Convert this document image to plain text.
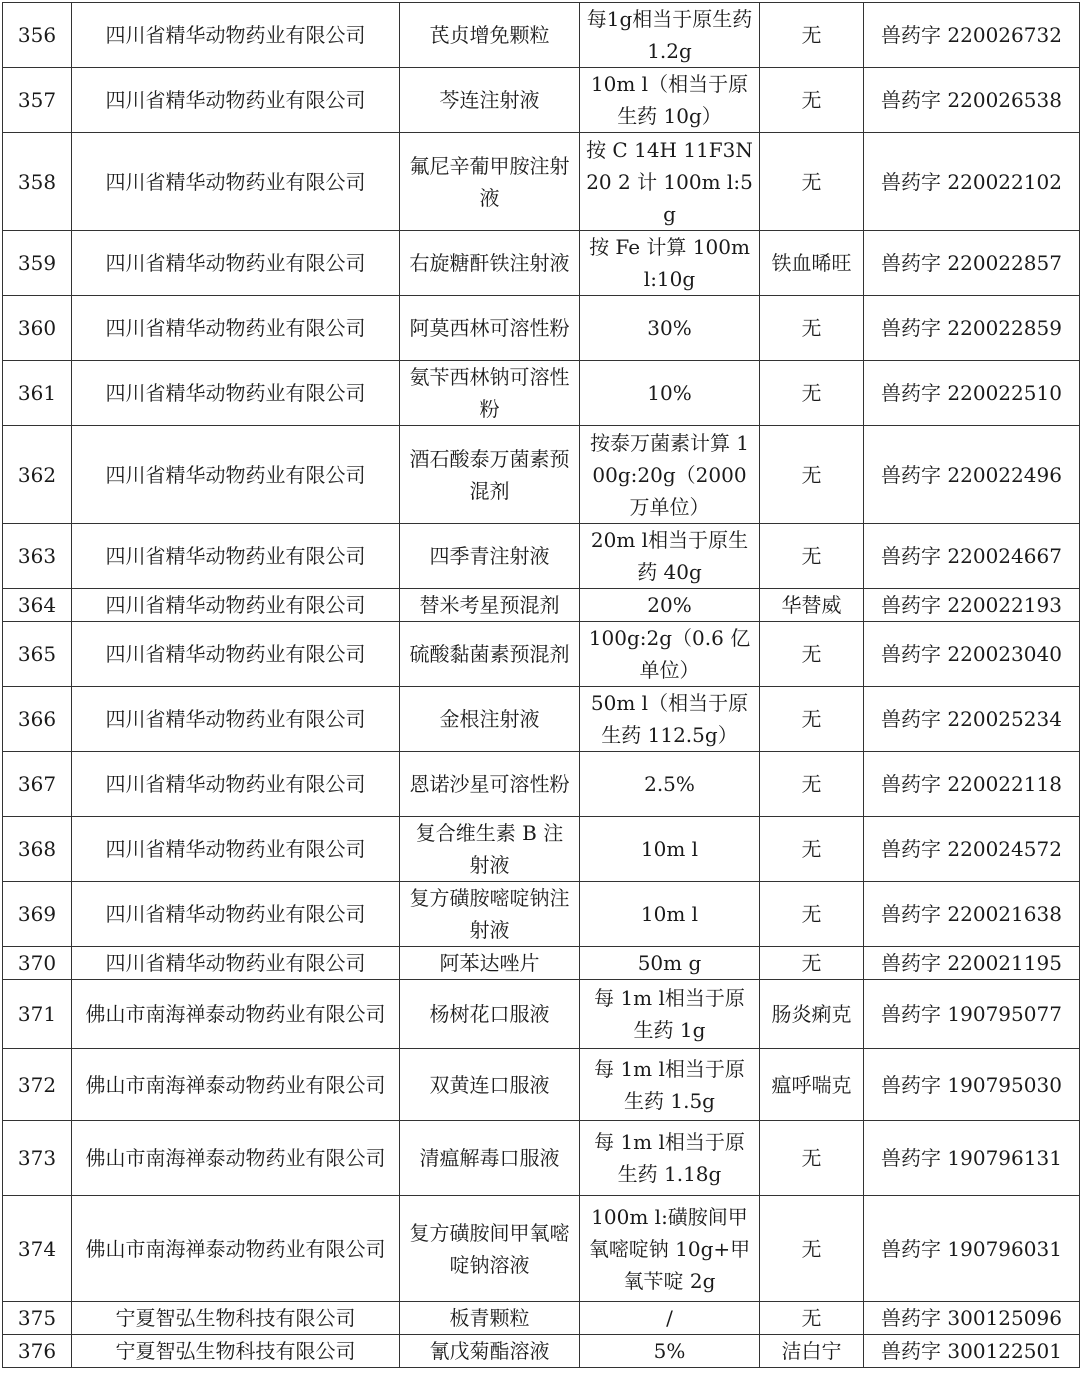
356	四川省精华动物药业有限公司	芪贞增免颗粒	每1g相当于原生药 1.2g	无	兽药字 220026732
357	四川省精华动物药业有限公司	芩连注射液	10m l（相当于原生药 10g）	无	兽药字 220026538
358	四川省精华动物药业有限公司	氟尼辛葡甲胺注射液	按 C 14H 11F3N 20 2 计 100m l:5g	无	兽药字 220022102
359	四川省精华动物药业有限公司	右旋糖酐铁注射液	按 Fe 计算 100m l:10g	铁血晞旺	兽药字 220022857
360	四川省精华动物药业有限公司	阿莫西林可溶性粉	30%	无	兽药字 220022859
361	四川省精华动物药业有限公司	氨苄西林钠可溶性粉	10%	无	兽药字 220022510
362	四川省精华动物药业有限公司	酒石酸泰万菌素预混剂	按泰万菌素计算 100g:20g（2000 万单位）	无	兽药字 220022496
363	四川省精华动物药业有限公司	四季青注射液	20m l相当于原生药 40g	无	兽药字 220024667
364	四川省精华动物药业有限公司	替米考星预混剂	20%	华替威	兽药字 220022193
365	四川省精华动物药业有限公司	硫酸黏菌素预混剂	100g:2g（0.6 亿单位）	无	兽药字 220023040
366	四川省精华动物药业有限公司	金根注射液	50m l（相当于原生药 112.5g）	无	兽药字 220025234
367	四川省精华动物药业有限公司	恩诺沙星可溶性粉	2.5%	无	兽药字 220022118
368	四川省精华动物药业有限公司	复合维生素 B 注射液	10m l	无	兽药字 220024572
369	四川省精华动物药业有限公司	复方磺胺嘧啶钠注射液	10m l	无	兽药字 220021638
370	四川省精华动物药业有限公司	阿苯达唑片	50m g	无	兽药字 220021195
371	佛山市南海禅泰动物药业有限公司	杨树花口服液	每 1m l相当于原生药 1g	肠炎痢克	兽药字 190795077
372	佛山市南海禅泰动物药业有限公司	双黄连口服液	每 1m l相当于原生药 1.5g	瘟呼喘克	兽药字 190795030
373	佛山市南海禅泰动物药业有限公司	清瘟解毒口服液	每 1m l相当于原生药 1.18g	无	兽药字 190796131
374	佛山市南海禅泰动物药业有限公司	复方磺胺间甲氧嘧啶钠溶液	100m l:磺胺间甲氧嘧啶钠 10g+甲氧苄啶 2g	无	兽药字 190796031
375	宁夏智弘生物科技有限公司	板青颗粒	/	无	兽药字 300125096
376	宁夏智弘生物科技有限公司	氰戊菊酯溶液	5%	洁白宁	兽药字 300122501
